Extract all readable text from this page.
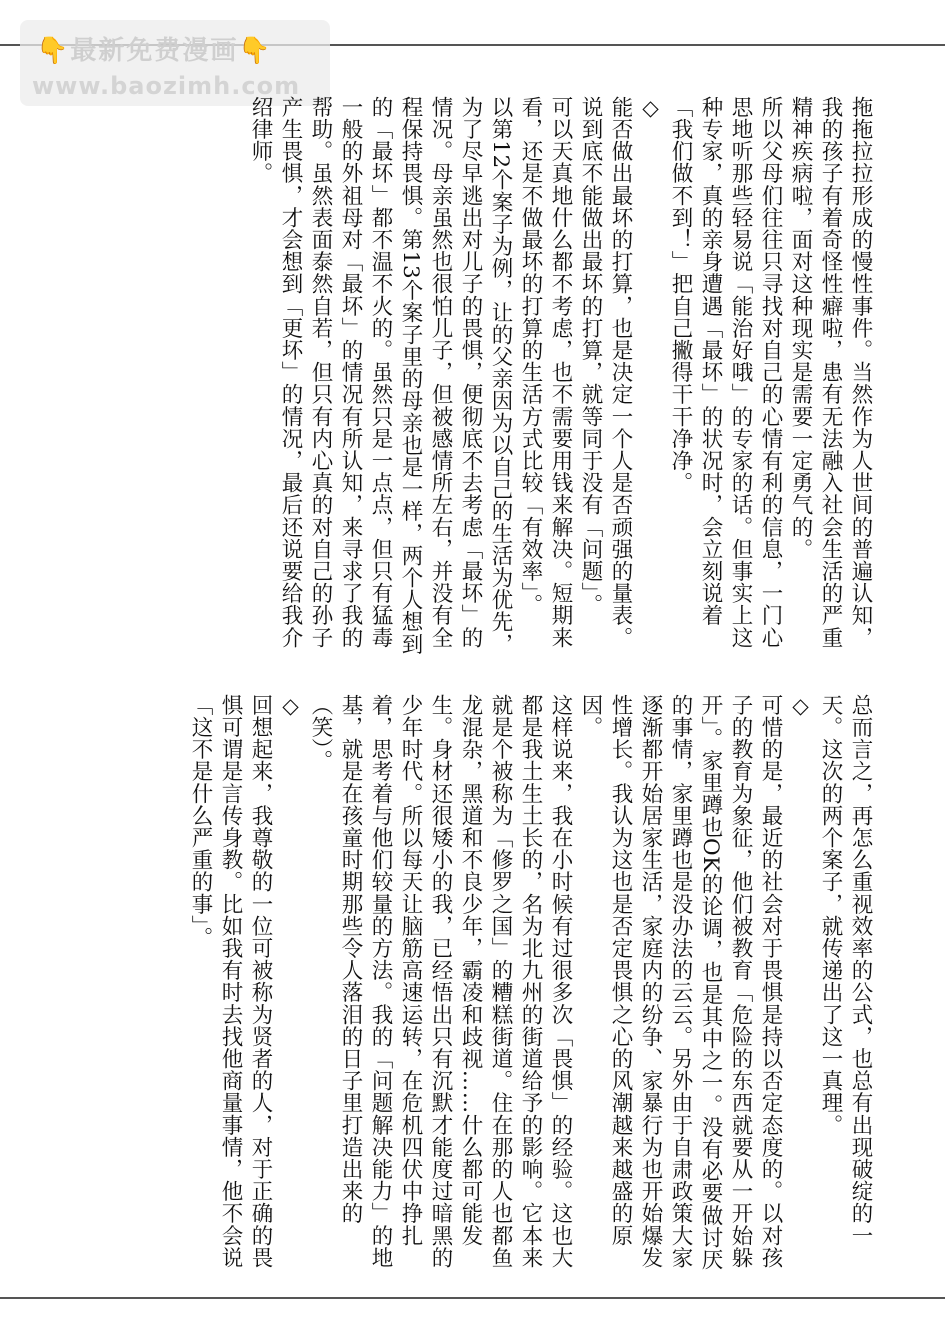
👇最新免费漫画👇
www.baozimh.com

拖拖拉拉形成的慢性事件。当然作为人世间的普遍认知，我的孩子有着奇怪性癖啦，患有无法融入社会生活的严重精神疾病啦，面对这种现实是需要一定勇气的。

所以父母们往往只寻找对自己的心情有利的信息，一门心思地听那些轻易说「能治好哦」的专家的话。但事实上这种专家，真的亲身遭遇「最坏」的状况时，会立刻说着「我们做不到！」把自己撇得干干净净。

◇

能否做出最坏的打算，也是决定一个人是否顽强的量表。说到底不能做出最坏的打算，就等同于没有「问题」。

可以天真地什么都不考虑，也不需要用钱来解决。短期来看，还是不做最坏的打算的生活方式比较「有效率」。

以第12个案子为例，让的父亲因为以自己的生活为优先，为了尽早逃出对儿子的畏惧，便彻底不去考虑「最坏」的情况。母亲虽然也很怕儿子，但被感情所左右，并没有全程保持畏惧。第13个案子里的母亲也是一样，两个人想到的「最坏」都不温不火的。虽然只是一点点，但只有猛毒一般的外祖母对「最坏」的情况有所认知，来寻求了我的帮助。虽然表面泰然自若，但只有内心真的对自己的孙子产生畏惧，才会想到「更坏」的情况，最后还说要给我介绍律师。

总而言之，再怎么重视效率的公式，也总有出现破绽的一天。这次的两个案子，就传递出了这一真理。

◇

可惜的是，最近的社会对于畏惧是持以否定态度的。以对孩子的教育为象征，他们被教育「危险的东西就要从一开始躲开」。家里蹲也OK的论调，也是其中之一。没有必要做讨厌的事情，家里蹲也是没办法的云云。另外由于自肃政策大家逐渐都开始居家生活，家庭内的纷争、家暴行为也开始爆发性增长。我认为这也是否定畏惧之心的风潮越来越盛的原因。

这样说来，我在小时候有过很多次「畏惧」的经验。这也大都是我土生土长的，名为北九州的街道给予的影响。它本来就是个被称为「修罗之国」的糟糕街道。住在那的人也都鱼龙混杂，黑道和不良少年，霸凌和歧视……什么都可能发生。身材还很矮小的我，已经悟出只有沉默才能度过暗黑的少年时代。所以每天让脑筋高速运转，在危机四伏中挣扎着，思考着与他们较量的方法。我的「问题解决能力」的地基，就是在孩童时期那些令人落泪的日子里打造出来的（笑）。

◇

回想起来，我尊敬的一位可被称为贤者的人，对于正确的畏惧可谓是言传身教。比如我有时去找他商量事情，他不会说「这不是什么严重的事」。
